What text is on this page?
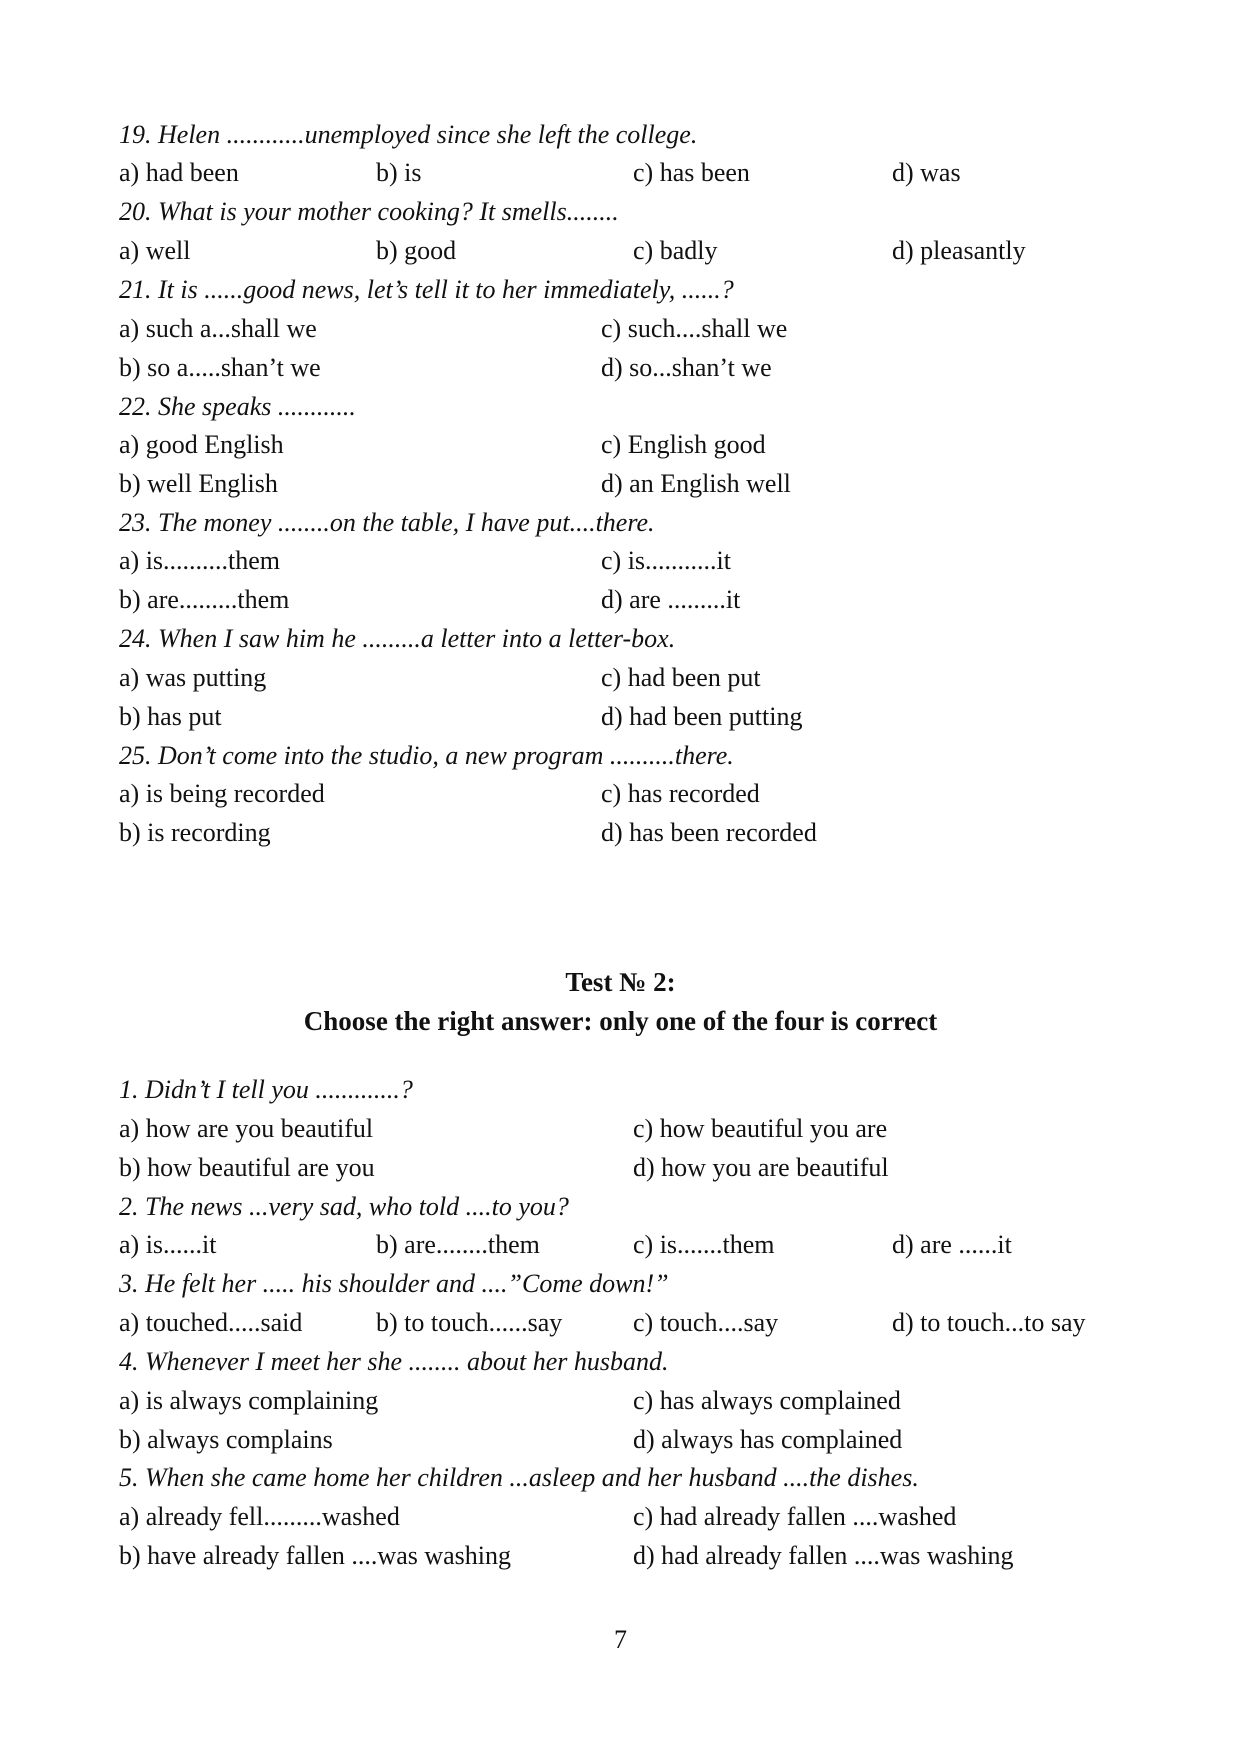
19. Helen ............unemployed since she left the college.
a) had been	b) is	c) has been	d) was
20. What is your mother cooking? It smells........
a) well	b) good	c) badly	d) pleasantly
21. It is ......good news, let’s tell it to her immediately, ......?
a) such a...shall we	c) such....shall we
b) so a.....shan’t we	d) so...shan’t we
22. She speaks ............
a) good English	c) English good
b) well English	d) an English well
23. The money ........on the table, I have put....there.
a) is..........them	c) is...........it
b) are.........them	d) are .........it
24. When I saw him he .........a letter into a letter-box.
a) was putting	c) had been put
b) has put	d) had been putting
25. Don’t come into the studio, a new program ..........there.
a) is being recorded	c) has recorded
b) is recording	d) has been recorded
Test № 2:
Choose the right answer: only one of the four is correct
1. Didn’t I tell you .............?
a) how are you beautiful	c) how beautiful you are
b) how beautiful are you	d) how you are beautiful
2. The news ...very sad, who told ....to you?
a) is......it	b) are........them	c) is.......them	d) are ......it
3. He felt her ..... his shoulder and ....”Come down!”
a) touched.....said	b) to touch......say	c) touch....say	d) to touch...to say
4. Whenever I meet her she ........ about her husband.
a) is always complaining	c) has always complained
b) always complains	d) always has complained
5. When she came home her children ...asleep and her husband ....the dishes.
a) already fell.........washed	c) had already fallen ....washed
b) have already fallen ....was washing	d) had already fallen ....was washing
7
